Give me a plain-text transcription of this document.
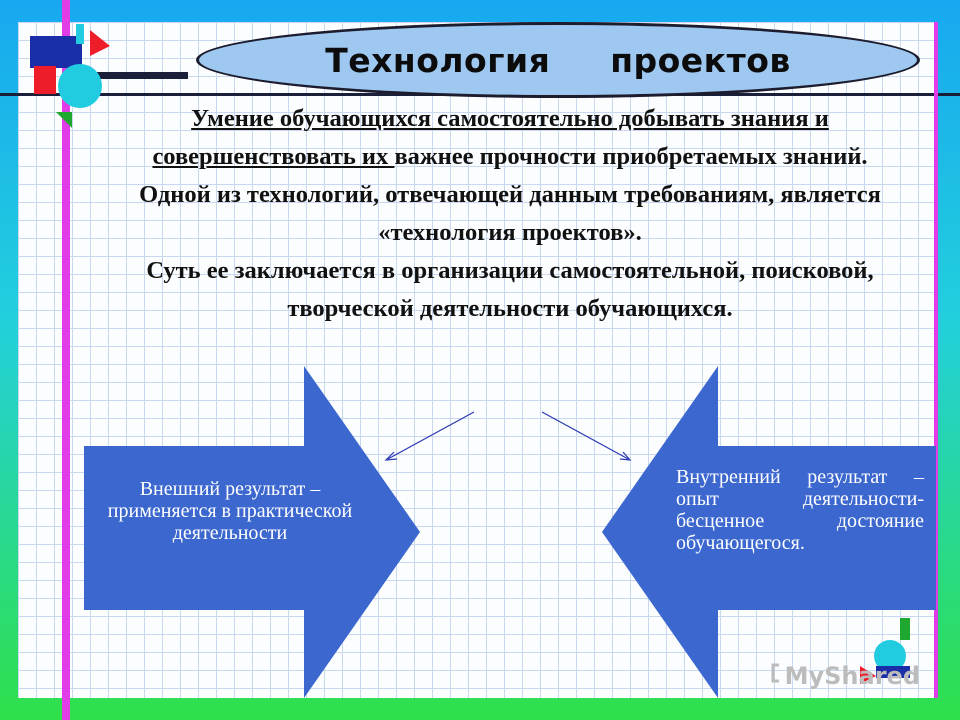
Технология     проектов
Умение обучающихся самостоятельно добывать знания и совершенствовать их важнее прочности приобретаемых знаний. Одной из технологий, отвечающей данным требованиям, является «технология проектов».
Суть ее заключается в организации самостоятельной, поисковой, творческой деятельности обучающихся.
Внешний результат – применяется в практической деятельности
Внутренний результат – опыт деятельности- бесценное достояние обучающегося.
MyShared
